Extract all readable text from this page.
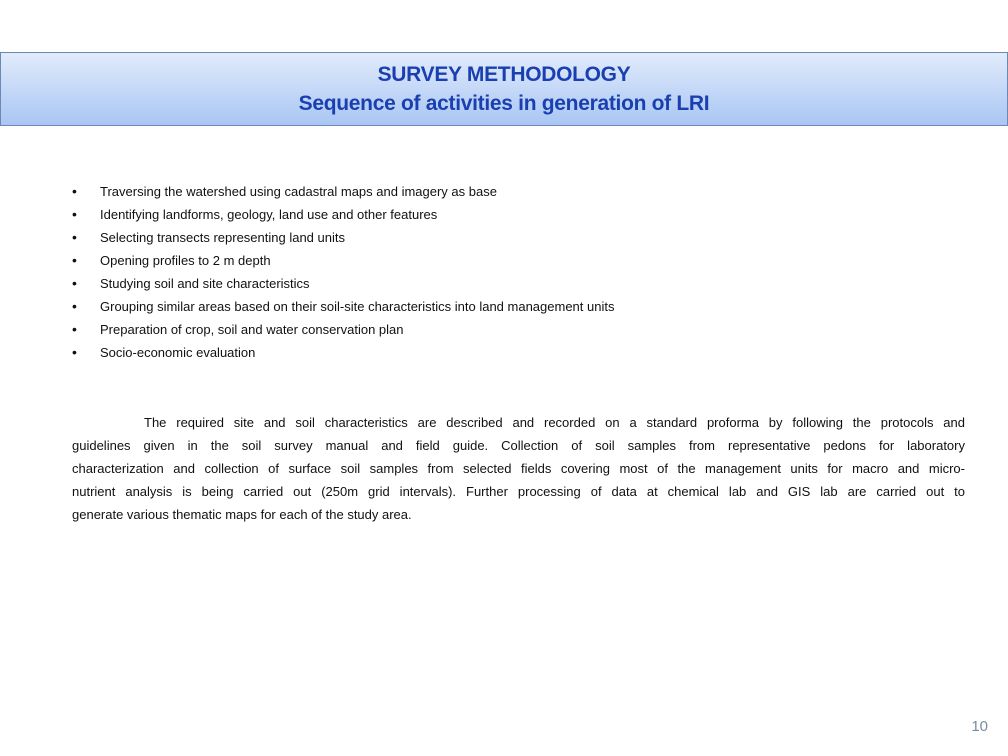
SURVEY METHODOLOGY
Sequence of activities in generation of LRI
•	Traversing the watershed using cadastral maps and imagery as base
•	Identifying landforms, geology, land use and other features
•	Selecting transects representing land units
•	Opening profiles to 2 m depth
•	Studying soil and site characteristics
•	Grouping similar areas based on their soil-site characteristics into land management units
•	Preparation of crop, soil and water conservation plan
•	Socio-economic evaluation
The required site and soil characteristics are described and recorded on a standard proforma by following the protocols and
guidelines given in the soil survey manual and field guide. Collection of soil samples from representative pedons for laboratory
characterization and collection of surface soil samples from selected fields covering most of the management units for macro and micro-
nutrient analysis is being carried out (250m grid intervals). Further processing of data at chemical lab and GIS lab are carried out to
generate various thematic maps for each of the study area.
10
